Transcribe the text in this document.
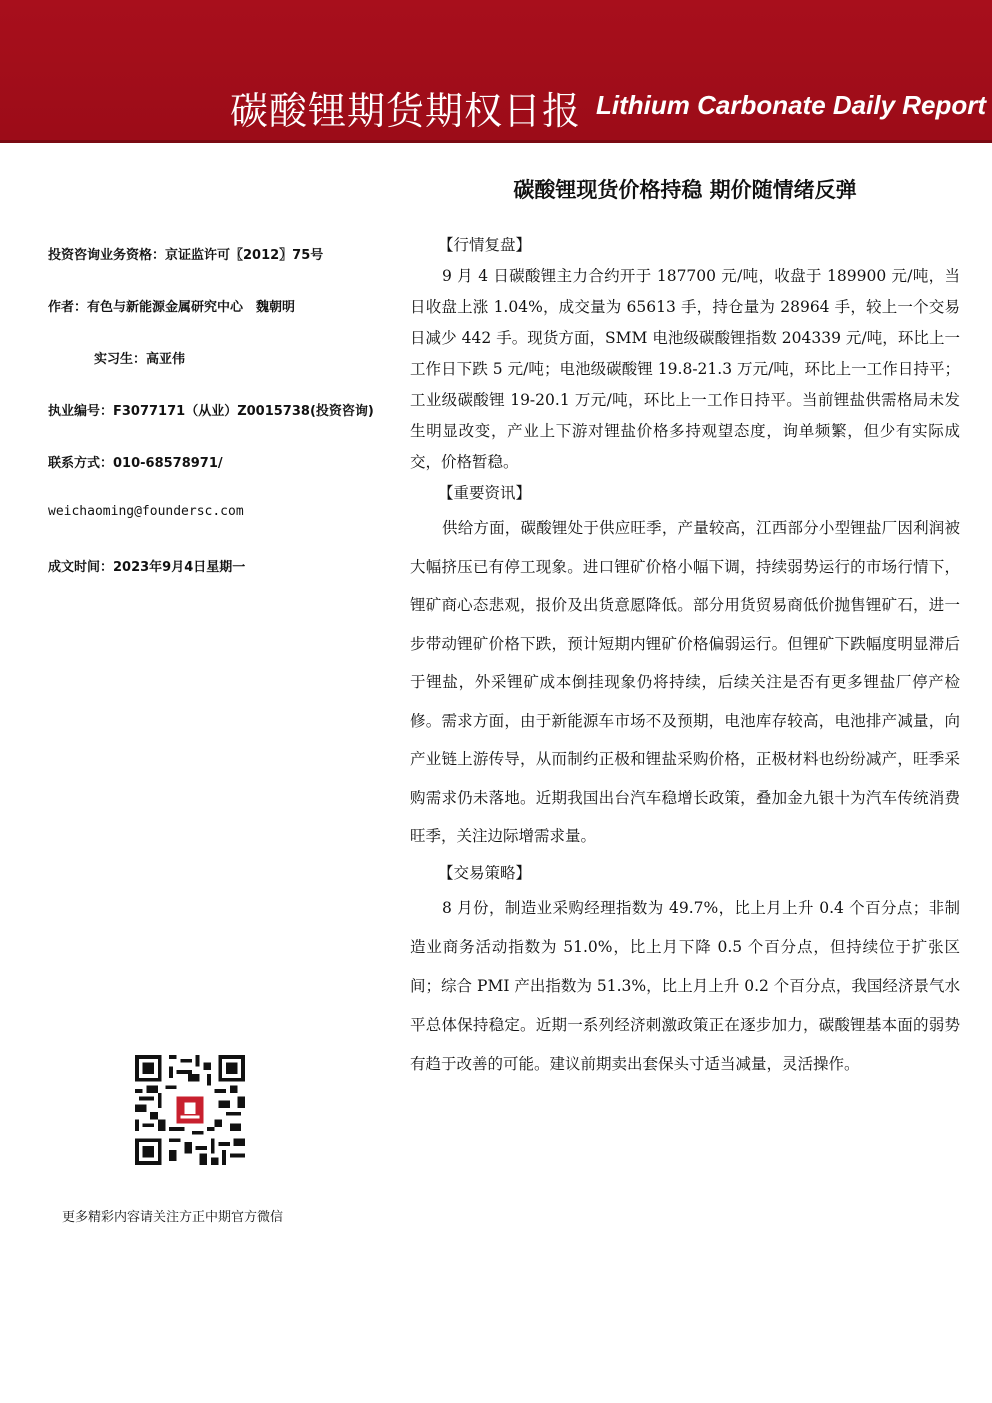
碳酸锂期货期权日报 Lithium Carbonate Daily Report
碳酸锂现货价格持稳 期价随情绪反弹
投资咨询业务资格：京证监许可〖2012〗75号
作者：有色与新能源金属研究中心　魏朝明
实习生：高亚伟
执业编号：F3077171（从业）Z0015738(投资咨询)
联系方式：010-68578971/
weichaoming@foundersc.com
成文时间：2023年9月4日星期一
【行情复盘】

9 月 4 日碳酸锂主力合约开于 187700 元/吨，收盘于 189900 元/吨，当日收盘上涨 1.04%，成交量为 65613 手，持仓量为 28964 手，较上一个交易日减少 442 手。现货方面，SMM 电池级碳酸锂指数 204339 元/吨，环比上一工作日下跌 5 元/吨；电池级碳酸锂 19.8-21.3 万元/吨，环比上一工作日持平；工业级碳酸锂 19-20.1 万元/吨，环比上一工作日持平。当前锂盐供需格局未发生明显改变，产业上下游对锂盐价格多持观望态度，询单频繁，但少有实际成交，价格暂稳。

【重要资讯】

供给方面，碳酸锂处于供应旺季，产量较高，江西部分小型锂盐厂因利润被大幅挤压已有停工现象。进口锂矿价格小幅下调，持续弱势运行的市场行情下，锂矿商心态悲观，报价及出货意愿降低。部分用货贸易商低价抛售锂矿石，进一步带动锂矿价格下跌，预计短期内锂矿价格偏弱运行。但锂矿下跌幅度明显滞后于锂盐，外采锂矿成本倒挂现象仍将持续，后续关注是否有更多锂盐厂停产检修。需求方面，由于新能源车市场不及预期，电池库存较高，电池排产减量，向产业链上游传导，从而制约正极和锂盐采购价格，正极材料也纷纷减产，旺季采购需求仍未落地。近期我国出台汽车稳增长政策，叠加金九银十为汽车传统消费旺季，关注边际增需求量。

【交易策略】

8 月份，制造业采购经理指数为 49.7%，比上月上升 0.4 个百分点；非制造业商务活动指数为 51.0%，比上月下降 0.5 个百分点，但持续位于扩张区间；综合 PMI 产出指数为 51.3%，比上月上升 0.2 个百分点，我国经济景气水平总体保持稳定。近期一系列经济刺激政策正在逐步加力，碳酸锂基本面的弱势有趋于改善的可能。建议前期卖出套保头寸适当减量，灵活操作。

更多精彩内容请关注方正中期官方微信
